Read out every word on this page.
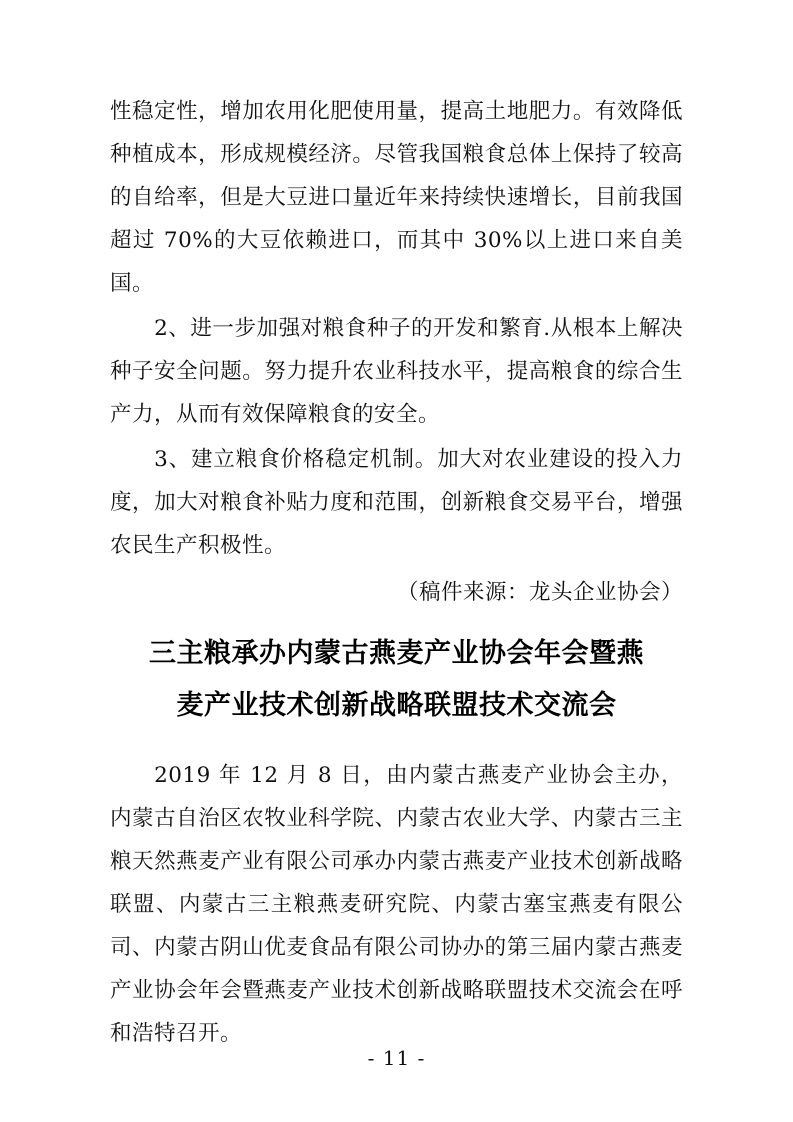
性稳定性，增加农用化肥使用量，提高土地肥力。有效降低种植成本，形成规模经济。尽管我国粮食总体上保持了较高的自给率，但是大豆进口量近年来持续快速增长，目前我国超过 70%的大豆依赖进口，而其中 30%以上进口来自美国。

2、进一步加强对粮食种子的开发和繁育.从根本上解决种子安全问题。努力提升农业科技水平，提高粮食的综合生产力，从而有效保障粮食的安全。

3、建立粮食价格稳定机制。加大对农业建设的投入力度，加大对粮食补贴力度和范围，创新粮食交易平台，增强农民生产积极性。

（稿件来源：龙头企业协会）

三主粮承办内蒙古燕麦产业协会年会暨燕
麦产业技术创新战略联盟技术交流会

2019 年 12 月 8 日，由内蒙古燕麦产业协会主办，内蒙古自治区农牧业科学院、内蒙古农业大学、内蒙古三主粮天然燕麦产业有限公司承办内蒙古燕麦产业技术创新战略联盟、内蒙古三主粮燕麦研究院、内蒙古塞宝燕麦有限公司、内蒙古阴山优麦食品有限公司协办的第三届内蒙古燕麦产业协会年会暨燕麦产业技术创新战略联盟技术交流会在呼和浩特召开。

- 11 -
